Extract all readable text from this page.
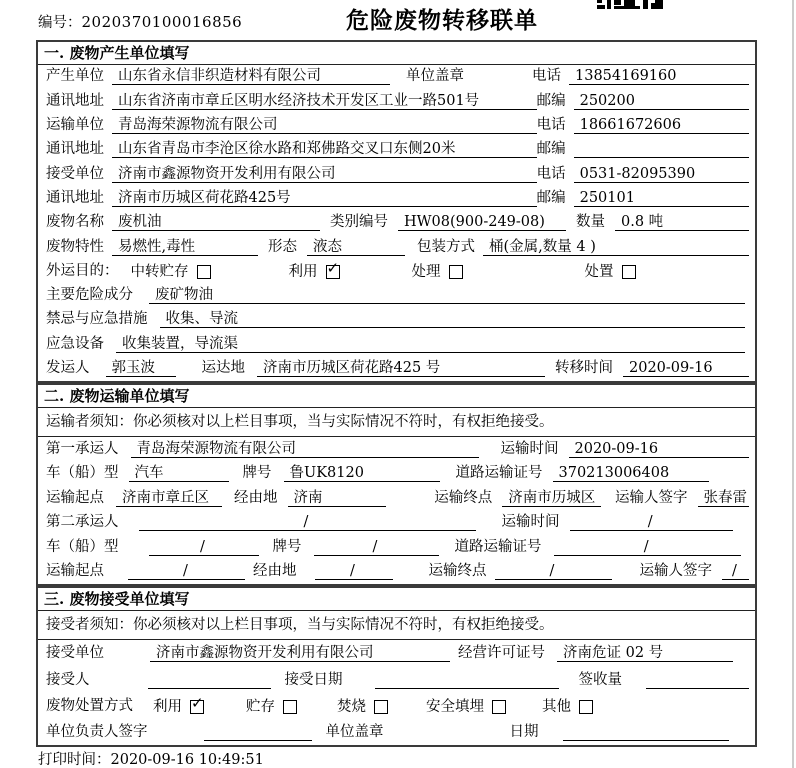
编号：2020370100016856	危险废物转移联单
一. 废物产生单位填写
产生单位 山东省永信非织造材料有限公司	单位盖章	电话 13854169160
通讯地址 山东省济南市章丘区明水经济技术开发区工业一路501号	邮编 250200
运输单位 青岛海荣源物流有限公司	电话 18661672606
通讯地址 山东省青岛市李沧区徐水路和郑佛路交叉口东侧20米	邮编
接受单位 济南市鑫源物资开发利用有限公司	电话 0531-82095390
通讯地址 济南市历城区荷花路425号	邮编 250101
废物名称 废机油	类别编号	HW08(900-249-08)	数量	0.8 吨
废物特性 易燃性,毒性	形态	液态	包装方式 桶(金属,数量 4 )
外运目的： 中转贮存	利用 ✓	处理	处置
主要危险成分	废矿物油
禁忌与应急措施	收集、导流
应急设备	收集装置，导流渠
发运人	郭玉波	运达地	济南市历城区荷花路425 号	转移时间	2020-09-16
二. 废物运输单位填写
运输者须知：你必须核对以上栏目事项，当与实际情况不符时，有权拒绝接受。
第一承运人	青岛海荣源物流有限公司	运输时间	2020-09-16
车（船）型	汽车	牌号	鲁UK8120	道路运输证号	370213006408
运输起点	济南市章丘区	经由地	济南	运输终点	济南市历城区	运输人签字	张春雷
第二承运人	/	运输时间	/
车（船）型	/	牌号	/	道路运输证号	/
运输起点	/	经由地	/	运输终点	/	运输人签字	/
三. 废物接受单位填写
接受者须知：你必须核对以上栏目事项，当与实际情况不符时，有权拒绝接受。
接受单位	济南市鑫源物资开发利用有限公司	经营许可证号	济南危证 02 号
接受人	接受日期	签收量
废物处置方式 利用 ✓	贮存	焚烧	安全填埋	其他
单位负责人签字	单位盖章	日期
打印时间：2020-09-16 10:49:51
